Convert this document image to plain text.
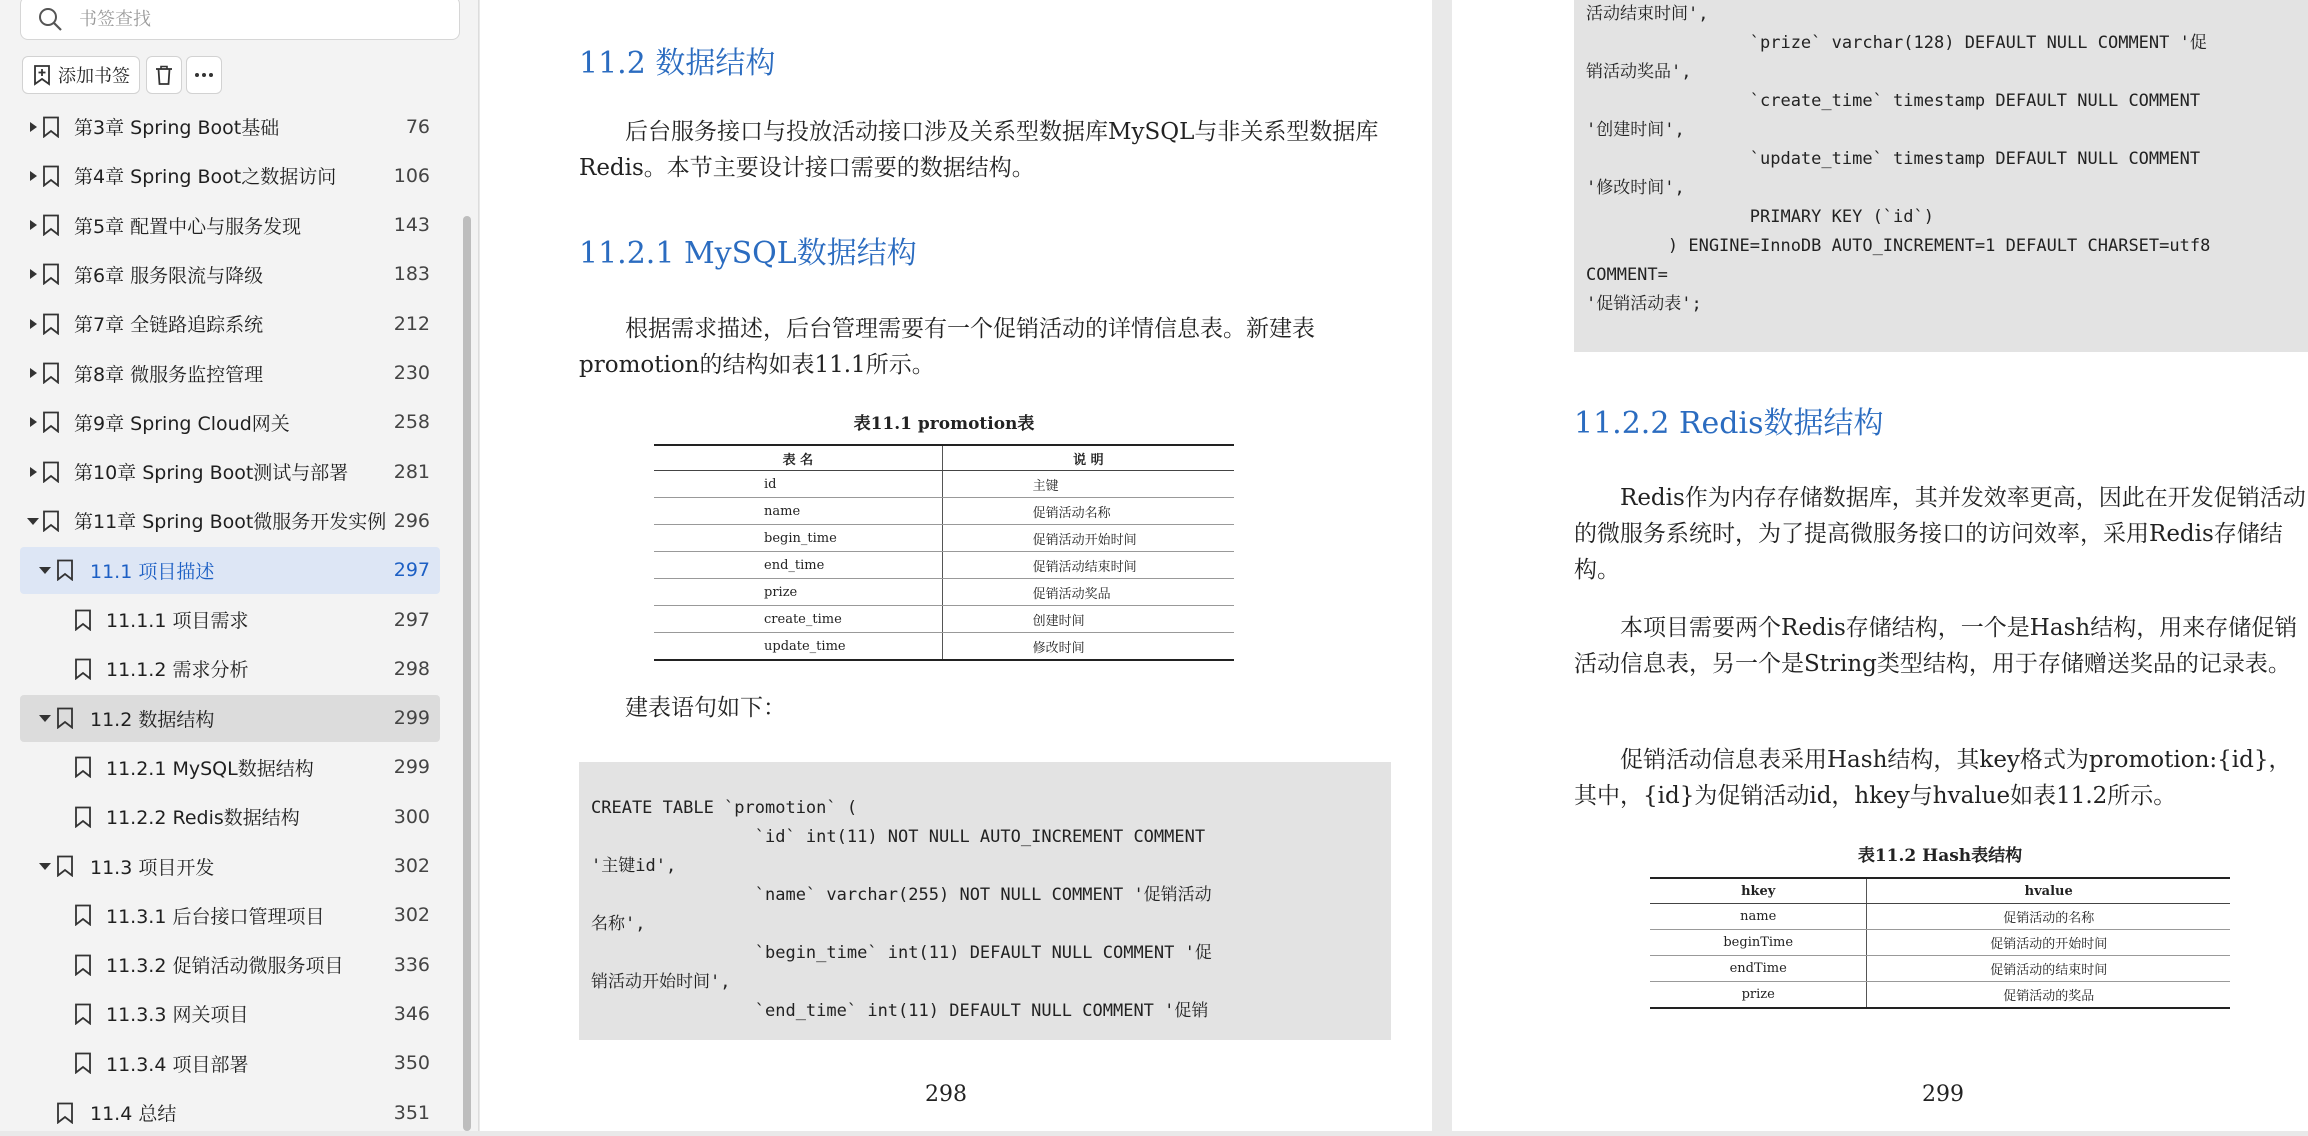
书签查找
添加书签
第3章 Spring Boot基础	76
第4章 Spring Boot之数据访问	106
第5章 配置中心与服务发现	143
第6章 服务限流与降级	183
第7章 全链路追踪系统	212
第8章 微服务监控管理	230
第9章 Spring Cloud网关	258
第10章 Spring Boot测试与部署 281
第11章 Spring Boot微服务开发实例 296
11.1 项目描述	297
11.1.1 项目需求	297
11.1.2 需求分析	298
11.2 数据结构	299
11.2.1 MySQL数据结构	299
11.2.2 Redis数据结构	300
11.3 项目开发	302
11.3.1 后台接口管理项目	302
11.3.2 促销活动微服务项目	336
11.3.3 网关项目	346
11.3.4 项目部署	350
11.4 总结	351
11.2 数据结构
后台服务接口与投放活动接口涉及关系型数据库MySQL与非关系型数据库Redis。本节主要设计接口需要的数据结构。
11.2.1 MySQL数据结构
根据需求描述，后台管理需要有一个促销活动的详情信息表。新建表promotion的结构如表11.1所示。
表11.1 promotion表
表 名	说 明
id	主键
name	促销活动名称
begin_time	促销活动开始时间
end_time	促销活动结束时间
prize	促销活动奖品
create_time	创建时间
update_time	修改时间
建表语句如下：
CREATE TABLE `promotion` (
`id` int(11) NOT NULL AUTO_INCREMENT COMMENT
'主键id',
`name` varchar(255) NOT NULL COMMENT '促销活动
名称',
`begin_time` int(11) DEFAULT NULL COMMENT '促
销活动开始时间',
`end_time` int(11) DEFAULT NULL COMMENT '促销
298
活动结束时间',
`prize` varchar(128) DEFAULT NULL COMMENT '促
销活动奖品',
`create_time` timestamp DEFAULT NULL COMMENT
'创建时间',
`update_time` timestamp DEFAULT NULL COMMENT
'修改时间',
PRIMARY KEY (`id`)
) ENGINE=InnoDB AUTO_INCREMENT=1 DEFAULT CHARSET=utf8
COMMENT=
'促销活动表';
11.2.2 Redis数据结构
Redis作为内存存储数据库，其并发效率更高，因此在开发促销活动的微服务系统时，为了提高微服务接口的访问效率，采用Redis存储结构。
本项目需要两个Redis存储结构，一个是Hash结构，用来存储促销活动信息表，另一个是String类型结构，用于存储赠送奖品的记录表。
促销活动信息表采用Hash结构，其key格式为promotion:{id}，其中，{id}为促销活动id，hkey与hvalue如表11.2所示。
表11.2 Hash表结构
hkey	hvalue
name	促销活动的名称
beginTime	促销活动的开始时间
endTime	促销活动的结束时间
prize	促销活动的奖品
299
